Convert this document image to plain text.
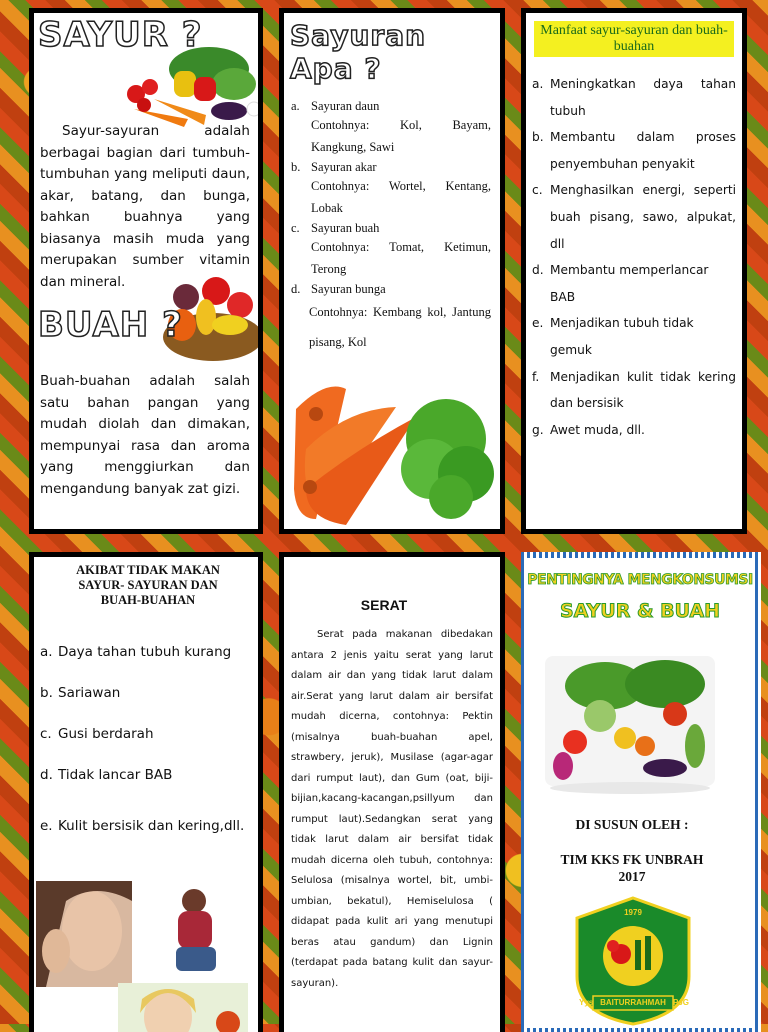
SAYUR ?

Sayur-sayuran adalah berbagai bagian dari tumbuh-tumbuhan yang meliputi daun, akar, batang, dan bunga, bahkan buahnya yang biasanya masih muda yang merupakan sumber vitamin dan mineral.

BUAH ?

Buah-buahan adalah salah satu bahan pangan yang mudah diolah dan dimakan, mempunyai rasa dan aroma yang menggiurkan dan mengandung banyak zat gizi.

Sayuran Apa ?
a. Sayuran daun

Contohnya: Kol, Bayam, Kangkung, Sawi

b. Sayuran akar

Contohnya: Wortel, Kentang, Lobak

c. Sayuran buah

Contohnya: Tomat, Ketimun, Terong

d. Sayuran bunga

Contohnya: Kembang kol, Jantung pisang, Kol

Manfaat sayur-sayuran dan buah-buahan
a. Meningkatkan daya tahan tubuh
b. Membantu dalam proses penyembuhan penyakit
c. Menghasilkan energi, seperti buah pisang, sawo, alpukat, dll
d. Membantu memperlancar BAB
e. Menjadikan tubuh tidak gemuk
f. Menjadikan kulit tidak kering dan bersisik
g. Awet muda, dll.
AKIBAT TIDAK MAKAN SAYUR- SAYURAN DAN BUAH-BUAHAN
a. Daya tahan tubuh kurang
b. Sariawan
c. Gusi berdarah
d. Tidak lancar BAB
e. Kulit bersisik dan kering,dll.
SERAT

Serat pada makanan dibedakan antara 2 jenis yaitu serat yang larut dalam air dan yang tidak larut dalam air.Serat yang larut dalam air bersifat mudah dicerna, contohnya: Pektin (misalnya buah-buahan apel, strawbery, jeruk), Musilase (agar-agar dari rumput laut), dan Gum (oat, biji-bijian,kacang-kacangan,psillyum dan rumput laut).Sedangkan serat yang tidak larut dalam air bersifat tidak mudah dicerna oleh tubuh, contohnya: Selulosa (misalnya wortel, bit, umbi-umbian, bekatul), Hemiselulosa ( didapat pada kulit ari yang menutupi beras atau gandum) dan Lignin (terdapat pada batang kulit dan sayur-sayuran).

PENTINGNYA MENGKONSUMSI
SAYUR & BUAH
DI SUSUN OLEH :
TIM KKS FK UNBRAH
2017
1979
Yys BAITURRAHMAH PJG
